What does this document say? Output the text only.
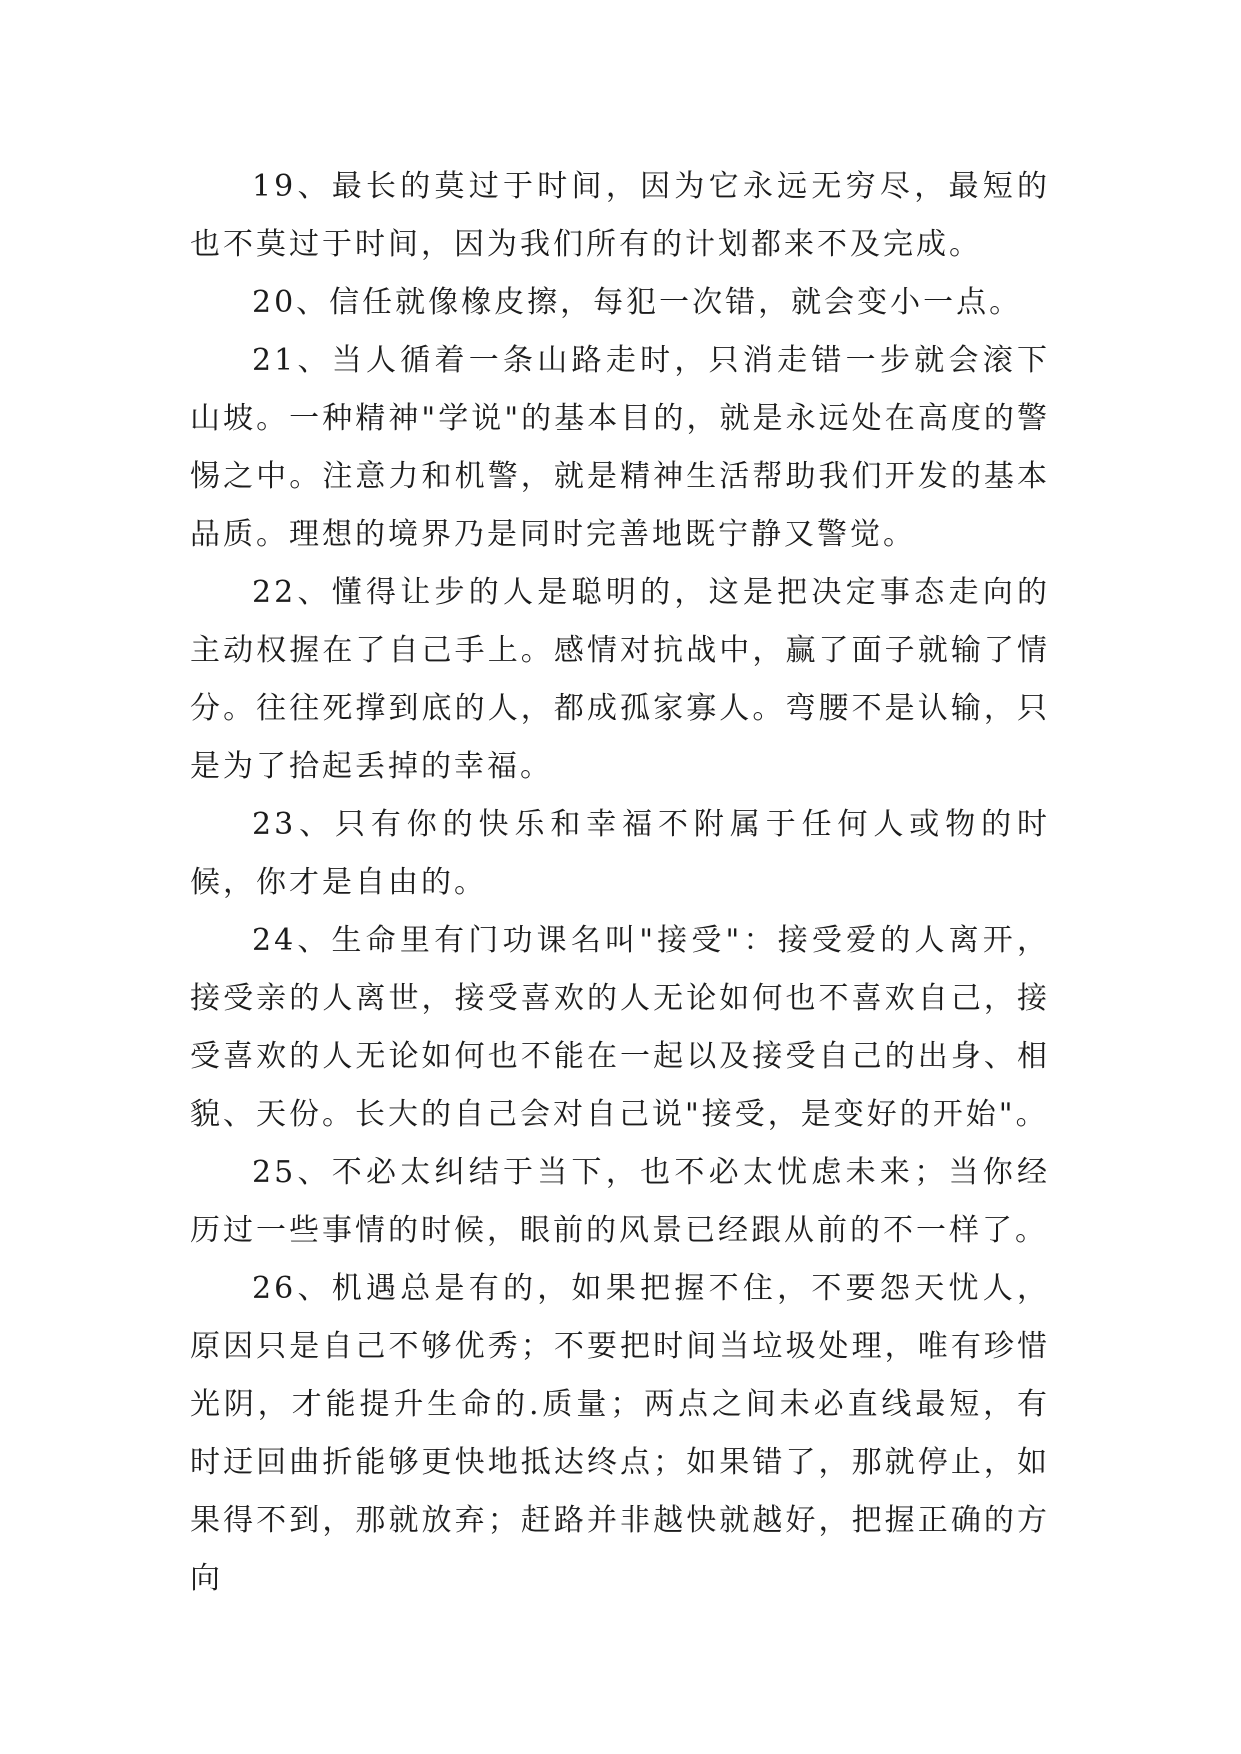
19、最长的莫过于时间，因为它永远无穷尽，最短的也不莫过于时间，因为我们所有的计划都来不及完成。

20、信任就像橡皮擦，每犯一次错，就会变小一点。

21、当人循着一条山路走时，只消走错一步就会滚下山坡。一种精神"学说"的基本目的，就是永远处在高度的警惕之中。注意力和机警，就是精神生活帮助我们开发的基本品质。理想的境界乃是同时完善地既宁静又警觉。

22、懂得让步的人是聪明的，这是把决定事态走向的主动权握在了自己手上。感情对抗战中，赢了面子就输了情分。往往死撑到底的人，都成孤家寡人。弯腰不是认输，只是为了拾起丢掉的幸福。

23、只有你的快乐和幸福不附属于任何人或物的时候，你才是自由的。

24、生命里有门功课名叫"接受"：接受爱的人离开，接受亲的人离世，接受喜欢的人无论如何也不喜欢自己，接受喜欢的人无论如何也不能在一起以及接受自己的出身、相貌、天份。长大的自己会对自己说"接受，是变好的开始"。

25、不必太纠结于当下，也不必太忧虑未来；当你经历过一些事情的时候，眼前的风景已经跟从前的不一样了。

26、机遇总是有的，如果把握不住，不要怨天忧人，原因只是自己不够优秀；不要把时间当垃圾处理，唯有珍惜光阴，才能提升生命的.质量；两点之间未必直线最短，有时迂回曲折能够更快地抵达终点；如果错了，那就停止，如果得不到，那就放弃；赶路并非越快就越好，把握正确的方向
